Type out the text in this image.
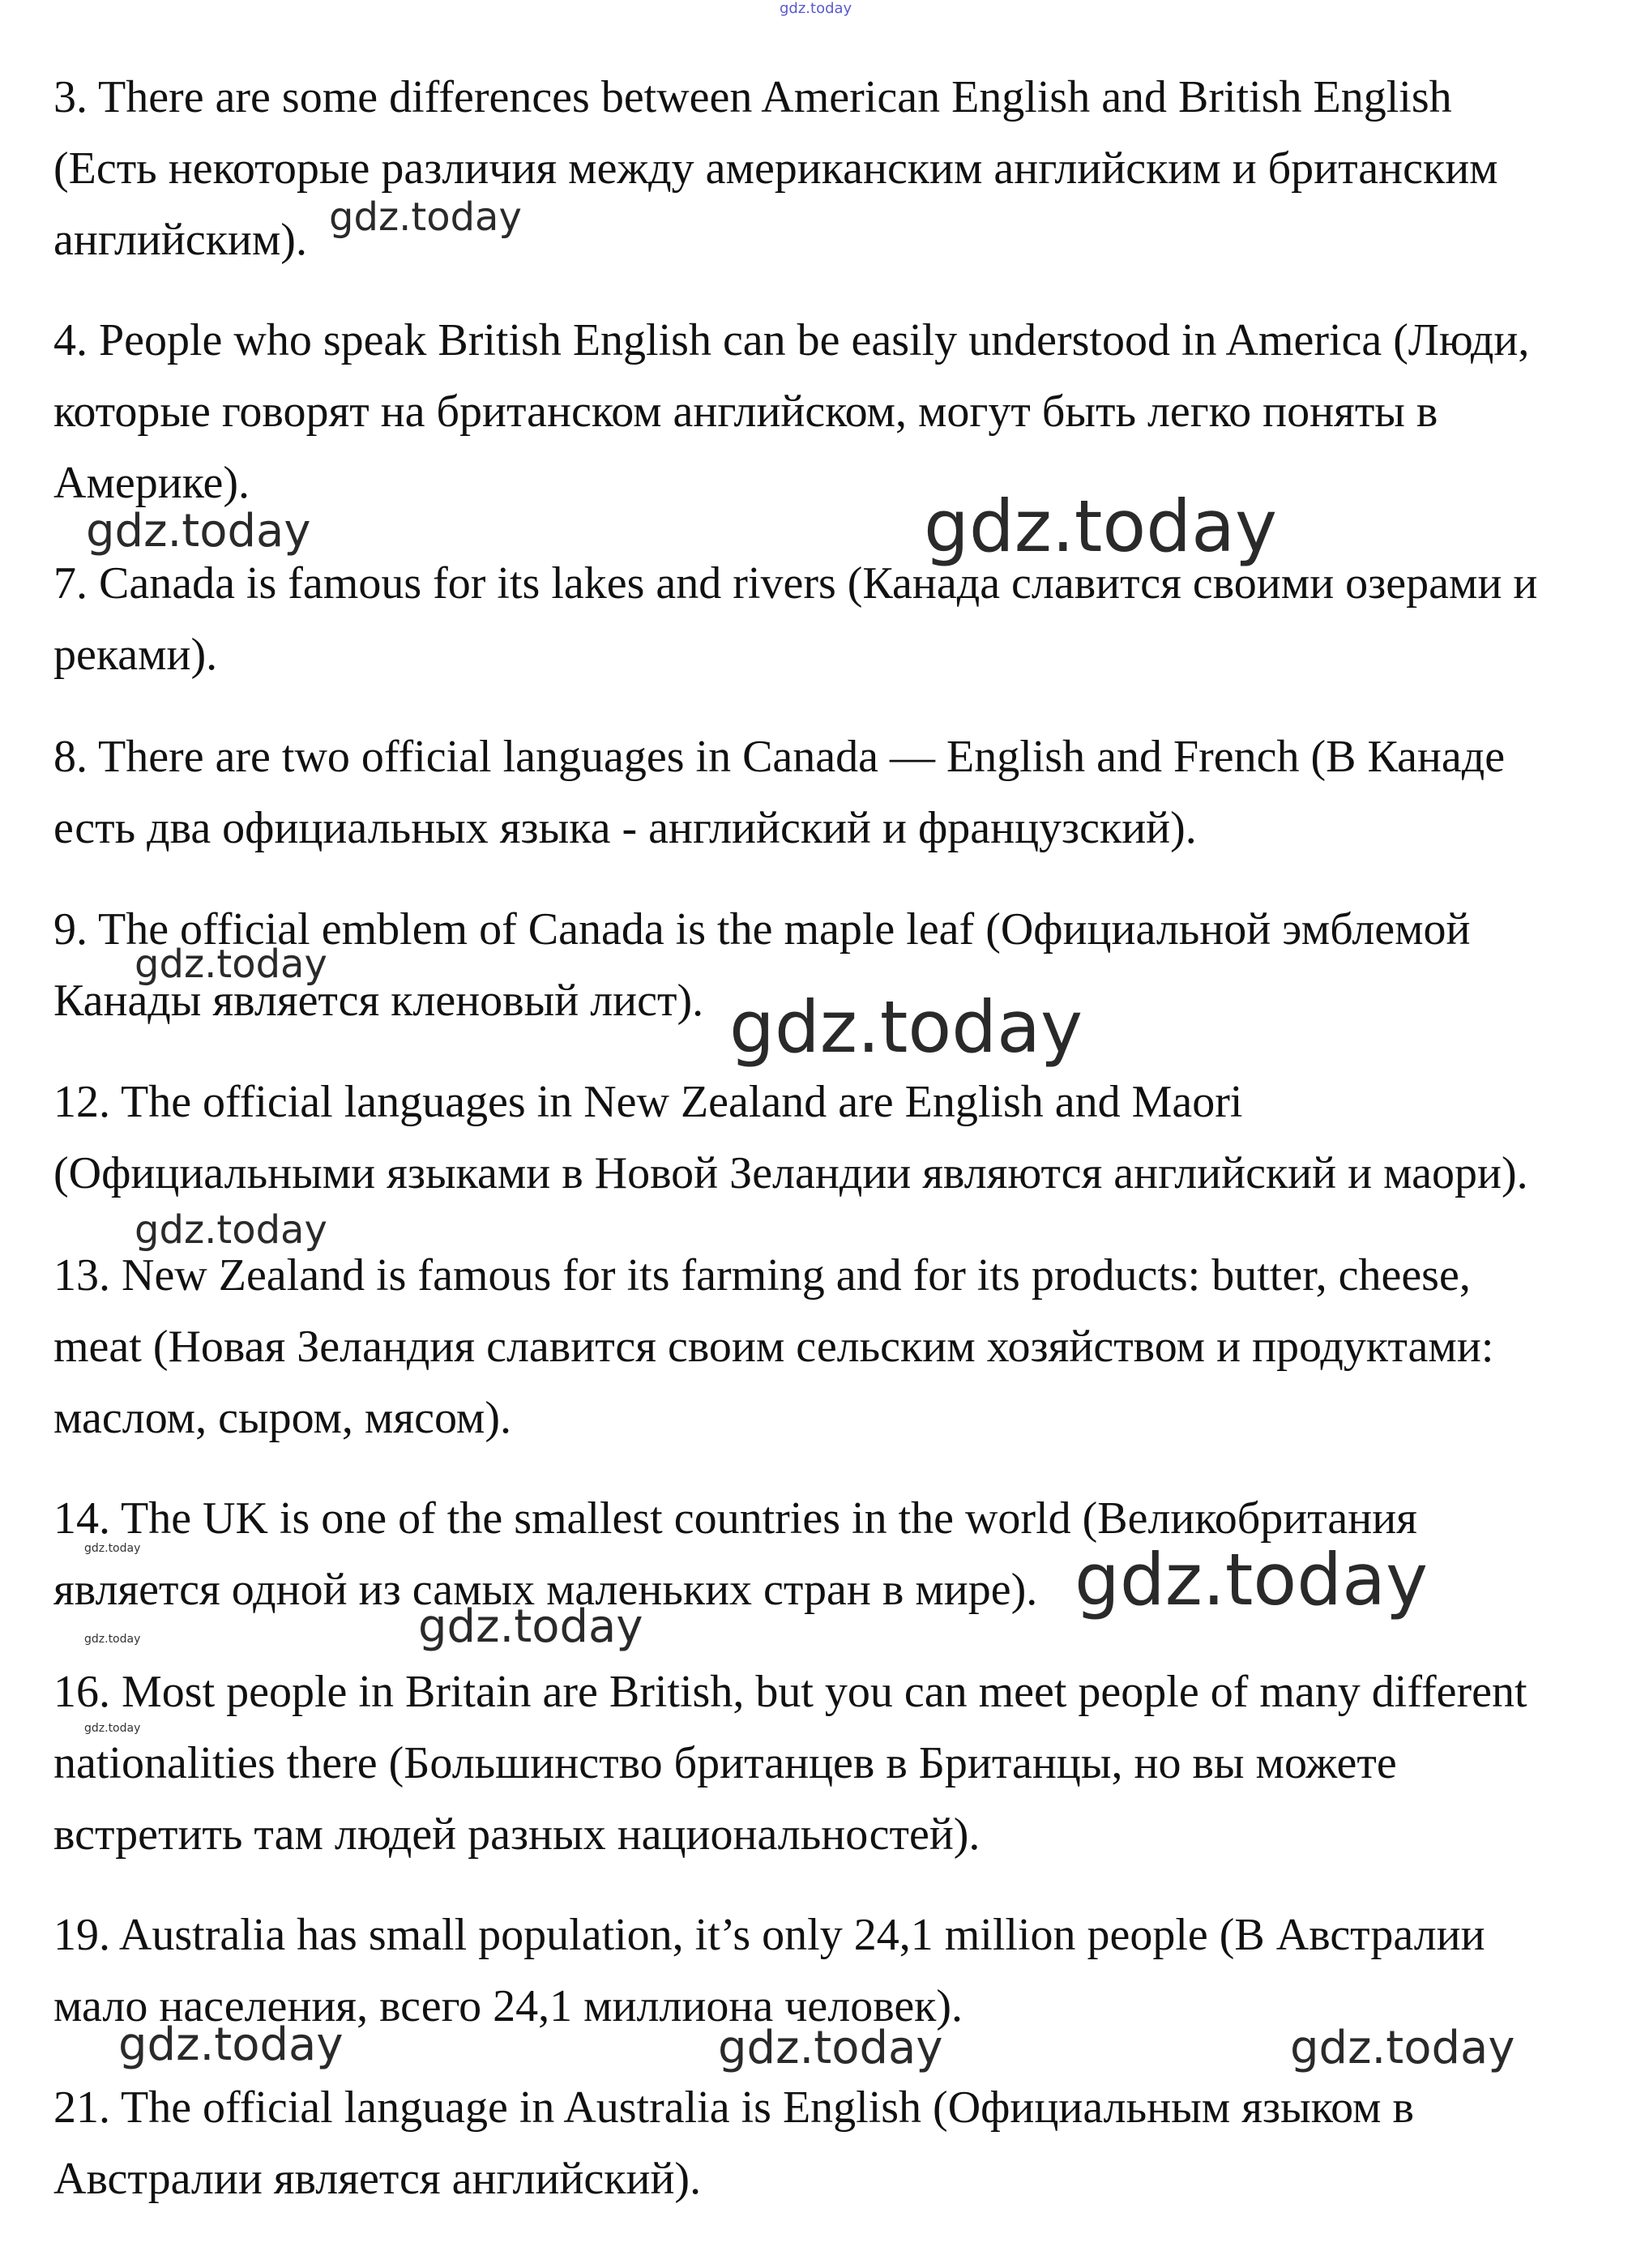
gdz.today
3. There are some differences between American English and British English
(Есть некоторые различия между американским английским и британским
английским).
4. People who speak British English can be easily understood in America (Люди,
которые говорят на британском английском, могут быть легко поняты в
Америке).
7. Canada is famous for its lakes and rivers (Канада славится своими озерами и
реками).
8. There are two official languages in Canada — English and French (В Канаде
есть два официальных языка - английский и французский).
9. The official emblem of Canada is the maple leaf (Официальной эмблемой
Канады является кленовый лист).
12. The official languages in New Zealand are English and Maori
(Официальными языками в Новой Зеландии являются английский и маори).
13. New Zealand is famous for its farming and for its products: butter, cheese,
meat (Новая Зеландия славится своим сельским хозяйством и продуктами:
маслом, сыром, мясом).
14. The UK is one of the smallest countries in the world (Великобритания
является одной из самых маленьких стран в мире).
16. Most people in Britain are British, but you can meet people of many different
nationalities there (Большинство британцев в Британцы, но вы можете
встретить там людей разных национальностей).
19. Australia has small population, it’s only 24,1 million people (В Австралии
мало населения, всего 24,1 миллиона человек).
21. The official language in Australia is English (Официальным языком в
Австралии является английский).
gdz.today
gdz.today	gdz.today
gdz.today
gdz.today
gdz.today
gdz.today	gdz.today
gdz.today	gdz.today
gdz.today
gdz.today	gdz.today	gdz.today
